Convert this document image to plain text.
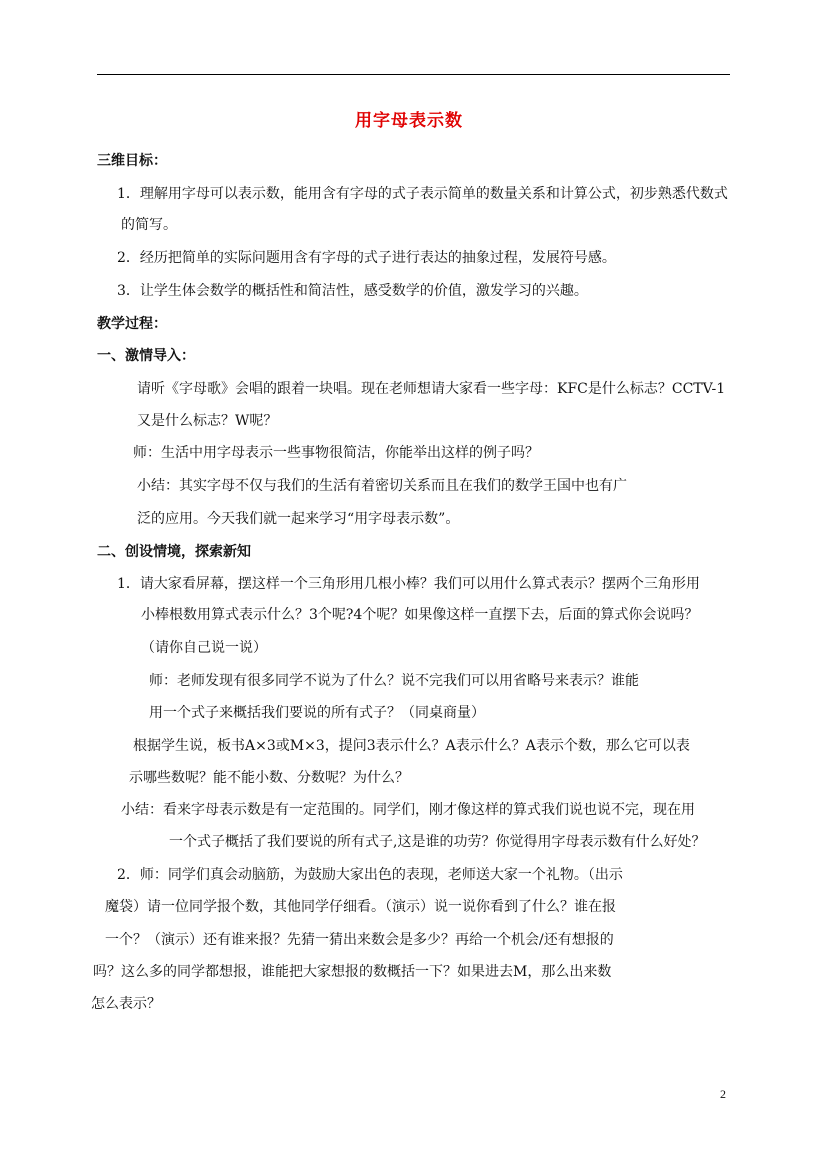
用字母表示数
三维目标：
1．理解用字母可以表示数，能用含有字母的式子表示简单的数量关系和计算公式，初步熟悉代数式
的简写。
2．经历把简单的实际问题用含有字母的式子进行表达的抽象过程，发展符号感。
3．让学生体会数学的概括性和简洁性，感受数学的价值，激发学习的兴趣。
教学过程：
一、激情导入：
请听《字母歌》会唱的跟着一块唱。现在老师想请大家看一些字母：KFC是什么标志？CCTV-1
又是什么标志？W呢？
师：生活中用字母表示一些事物很简洁，你能举出这样的例子吗？
小结：其实字母不仅与我们的生活有着密切关系而且在我们的数学王国中也有广
泛的应用。今天我们就一起来学习“用字母表示数”。
二、创设情境，探索新知
1．请大家看屏幕，摆这样一个三角形用几根小棒？我们可以用什么算式表示？摆两个三角形用
小棒根数用算式表示什么？3个呢?4个呢？如果像这样一直摆下去，后面的算式你会说吗？
（请你自己说一说）
师：老师发现有很多同学不说为了什么？说不完我们可以用省略号来表示？谁能
用一个式子来概括我们要说的所有式子？（同桌商量）
根据学生说，板书A×3或M×3，提问3表示什么？A表示什么？A表示个数，那么它可以表
示哪些数呢？能不能小数、分数呢？为什么？
小结：看来字母表示数是有一定范围的。同学们，刚才像这样的算式我们说也说不完，现在用
一个式子概括了我们要说的所有式子,这是谁的功劳？你觉得用字母表示数有什么好处？
2．师：同学们真会动脑筋，为鼓励大家出色的表现，老师送大家一个礼物。（出示
魔袋）请一位同学报个数，其他同学仔细看。（演示）说一说你看到了什么？谁在报
一个？（演示）还有谁来报？先猜一猜出来数会是多少？再给一个机会/还有想报的
吗？这么多的同学都想报，谁能把大家想报的数概括一下？如果进去M，那么出来数
怎么表示？
2
